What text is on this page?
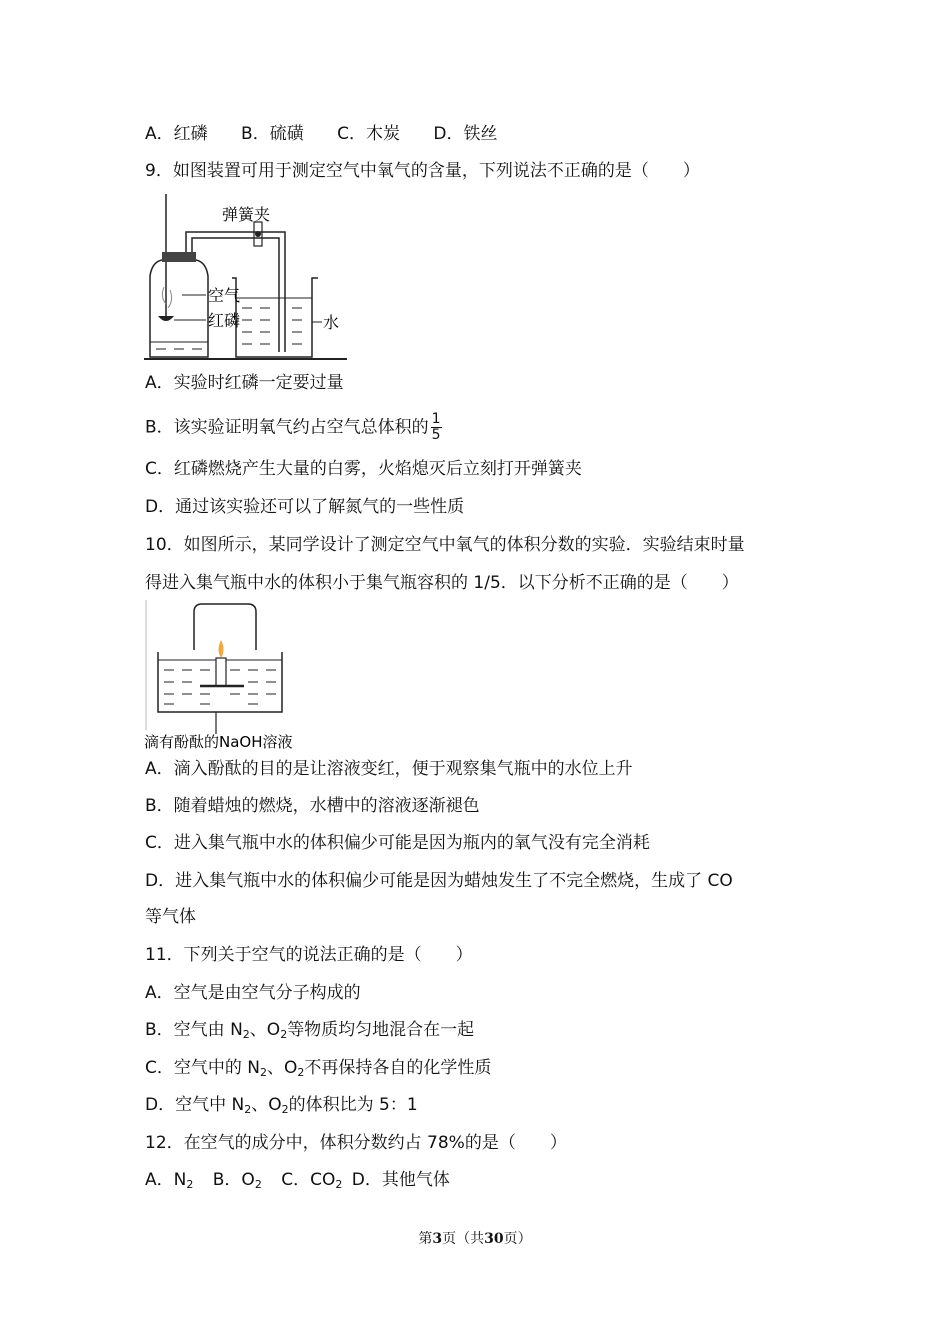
A．红磷 B．硫磺 C．木炭 D．铁丝
9．如图装置可用于测定空气中氧气的含量，下列说法不正确的是（　　）
弹簧夹
空气
红磷	水
A．实验时红磷一定要过量
B．该实验证明氧气约占空气总体积的 $\frac{1}{5}$
C．红磷燃烧产生大量的白雾，火焰熄灭后立刻打开弹簧夹
D．通过该实验还可以了解氮气的一些性质
10．如图所示，某同学设计了测定空气中氧气的体积分数的实验．实验结束时量
得进入集气瓶中水的体积小于集气瓶容积的 1/5．以下分析不正确的是（　　）
滴有酚酞的NaOH溶液
A．滴入酚酞的目的是让溶液变红，便于观察集气瓶中的水位上升
B．随着蜡烛的燃烧，水槽中的溶液逐渐褪色
C．进入集气瓶中水的体积偏少可能是因为瓶内的氧气没有完全消耗
D．进入集气瓶中水的体积偏少可能是因为蜡烛发生了不完全燃烧，生成了 CO
等气体
11．下列关于空气的说法正确的是（　　）
A．空气是由空气分子构成的
B．空气由 $N_2$、$O_2$等物质均匀地混合在一起
C．空气中的 $N_2$、$O_2$不再保持各自的化学性质
D．空气中 $N_2$、$O_2$的体积比为 5：1
12．在空气的成分中，体积分数约占 78%的是（　　）
A．$N_2$ B．$O_2$ C．$CO_2$ D．其他气体
第3页（共30页）
